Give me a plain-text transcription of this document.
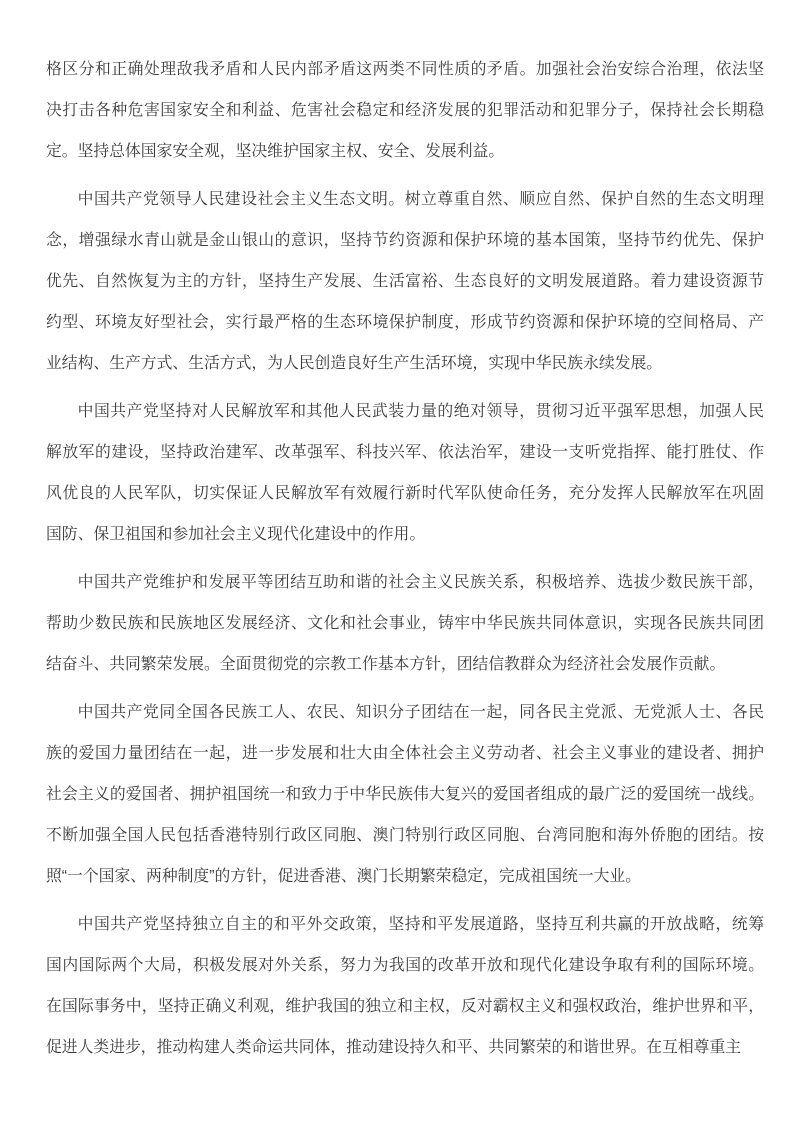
格区分和正确处理敌我矛盾和人民内部矛盾这两类不同性质的矛盾。加强社会治安综合治理，依法坚
决打击各种危害国家安全和利益、危害社会稳定和经济发展的犯罪活动和犯罪分子，保持社会长期稳
定。坚持总体国家安全观，坚决维护国家主权、安全、发展利益。
中国共产党领导人民建设社会主义生态文明。树立尊重自然、顺应自然、保护自然的生态文明理
念，增强绿水青山就是金山银山的意识，坚持节约资源和保护环境的基本国策，坚持节约优先、保护
优先、自然恢复为主的方针，坚持生产发展、生活富裕、生态良好的文明发展道路。着力建设资源节
约型、环境友好型社会，实行最严格的生态环境保护制度，形成节约资源和保护环境的空间格局、产
业结构、生产方式、生活方式，为人民创造良好生产生活环境，实现中华民族永续发展。
中国共产党坚持对人民解放军和其他人民武装力量的绝对领导，贯彻习近平强军思想，加强人民
解放军的建设，坚持政治建军、改革强军、科技兴军、依法治军，建设一支听党指挥、能打胜仗、作
风优良的人民军队，切实保证人民解放军有效履行新时代军队使命任务，充分发挥人民解放军在巩固
国防、保卫祖国和参加社会主义现代化建设中的作用。
中国共产党维护和发展平等团结互助和谐的社会主义民族关系，积极培养、选拔少数民族干部，
帮助少数民族和民族地区发展经济、文化和社会事业，铸牢中华民族共同体意识，实现各民族共同团
结奋斗、共同繁荣发展。全面贯彻党的宗教工作基本方针，团结信教群众为经济社会发展作贡献。
中国共产党同全国各民族工人、农民、知识分子团结在一起，同各民主党派、无党派人士、各民
族的爱国力量团结在一起，进一步发展和壮大由全体社会主义劳动者、社会主义事业的建设者、拥护
社会主义的爱国者、拥护祖国统一和致力于中华民族伟大复兴的爱国者组成的最广泛的爱国统一战线。
不断加强全国人民包括香港特别行政区同胞、澳门特别行政区同胞、台湾同胞和海外侨胞的团结。按
照“一个国家、两种制度”的方针，促进香港、澳门长期繁荣稳定，完成祖国统一大业。
中国共产党坚持独立自主的和平外交政策，坚持和平发展道路，坚持互利共赢的开放战略，统筹
国内国际两个大局，积极发展对外关系，努力为我国的改革开放和现代化建设争取有利的国际环境。
在国际事务中，坚持正确义利观，维护我国的独立和主权，反对霸权主义和强权政治，维护世界和平，
促进人类进步，推动构建人类命运共同体，推动建设持久和平、共同繁荣的和谐世界。在互相尊重主
